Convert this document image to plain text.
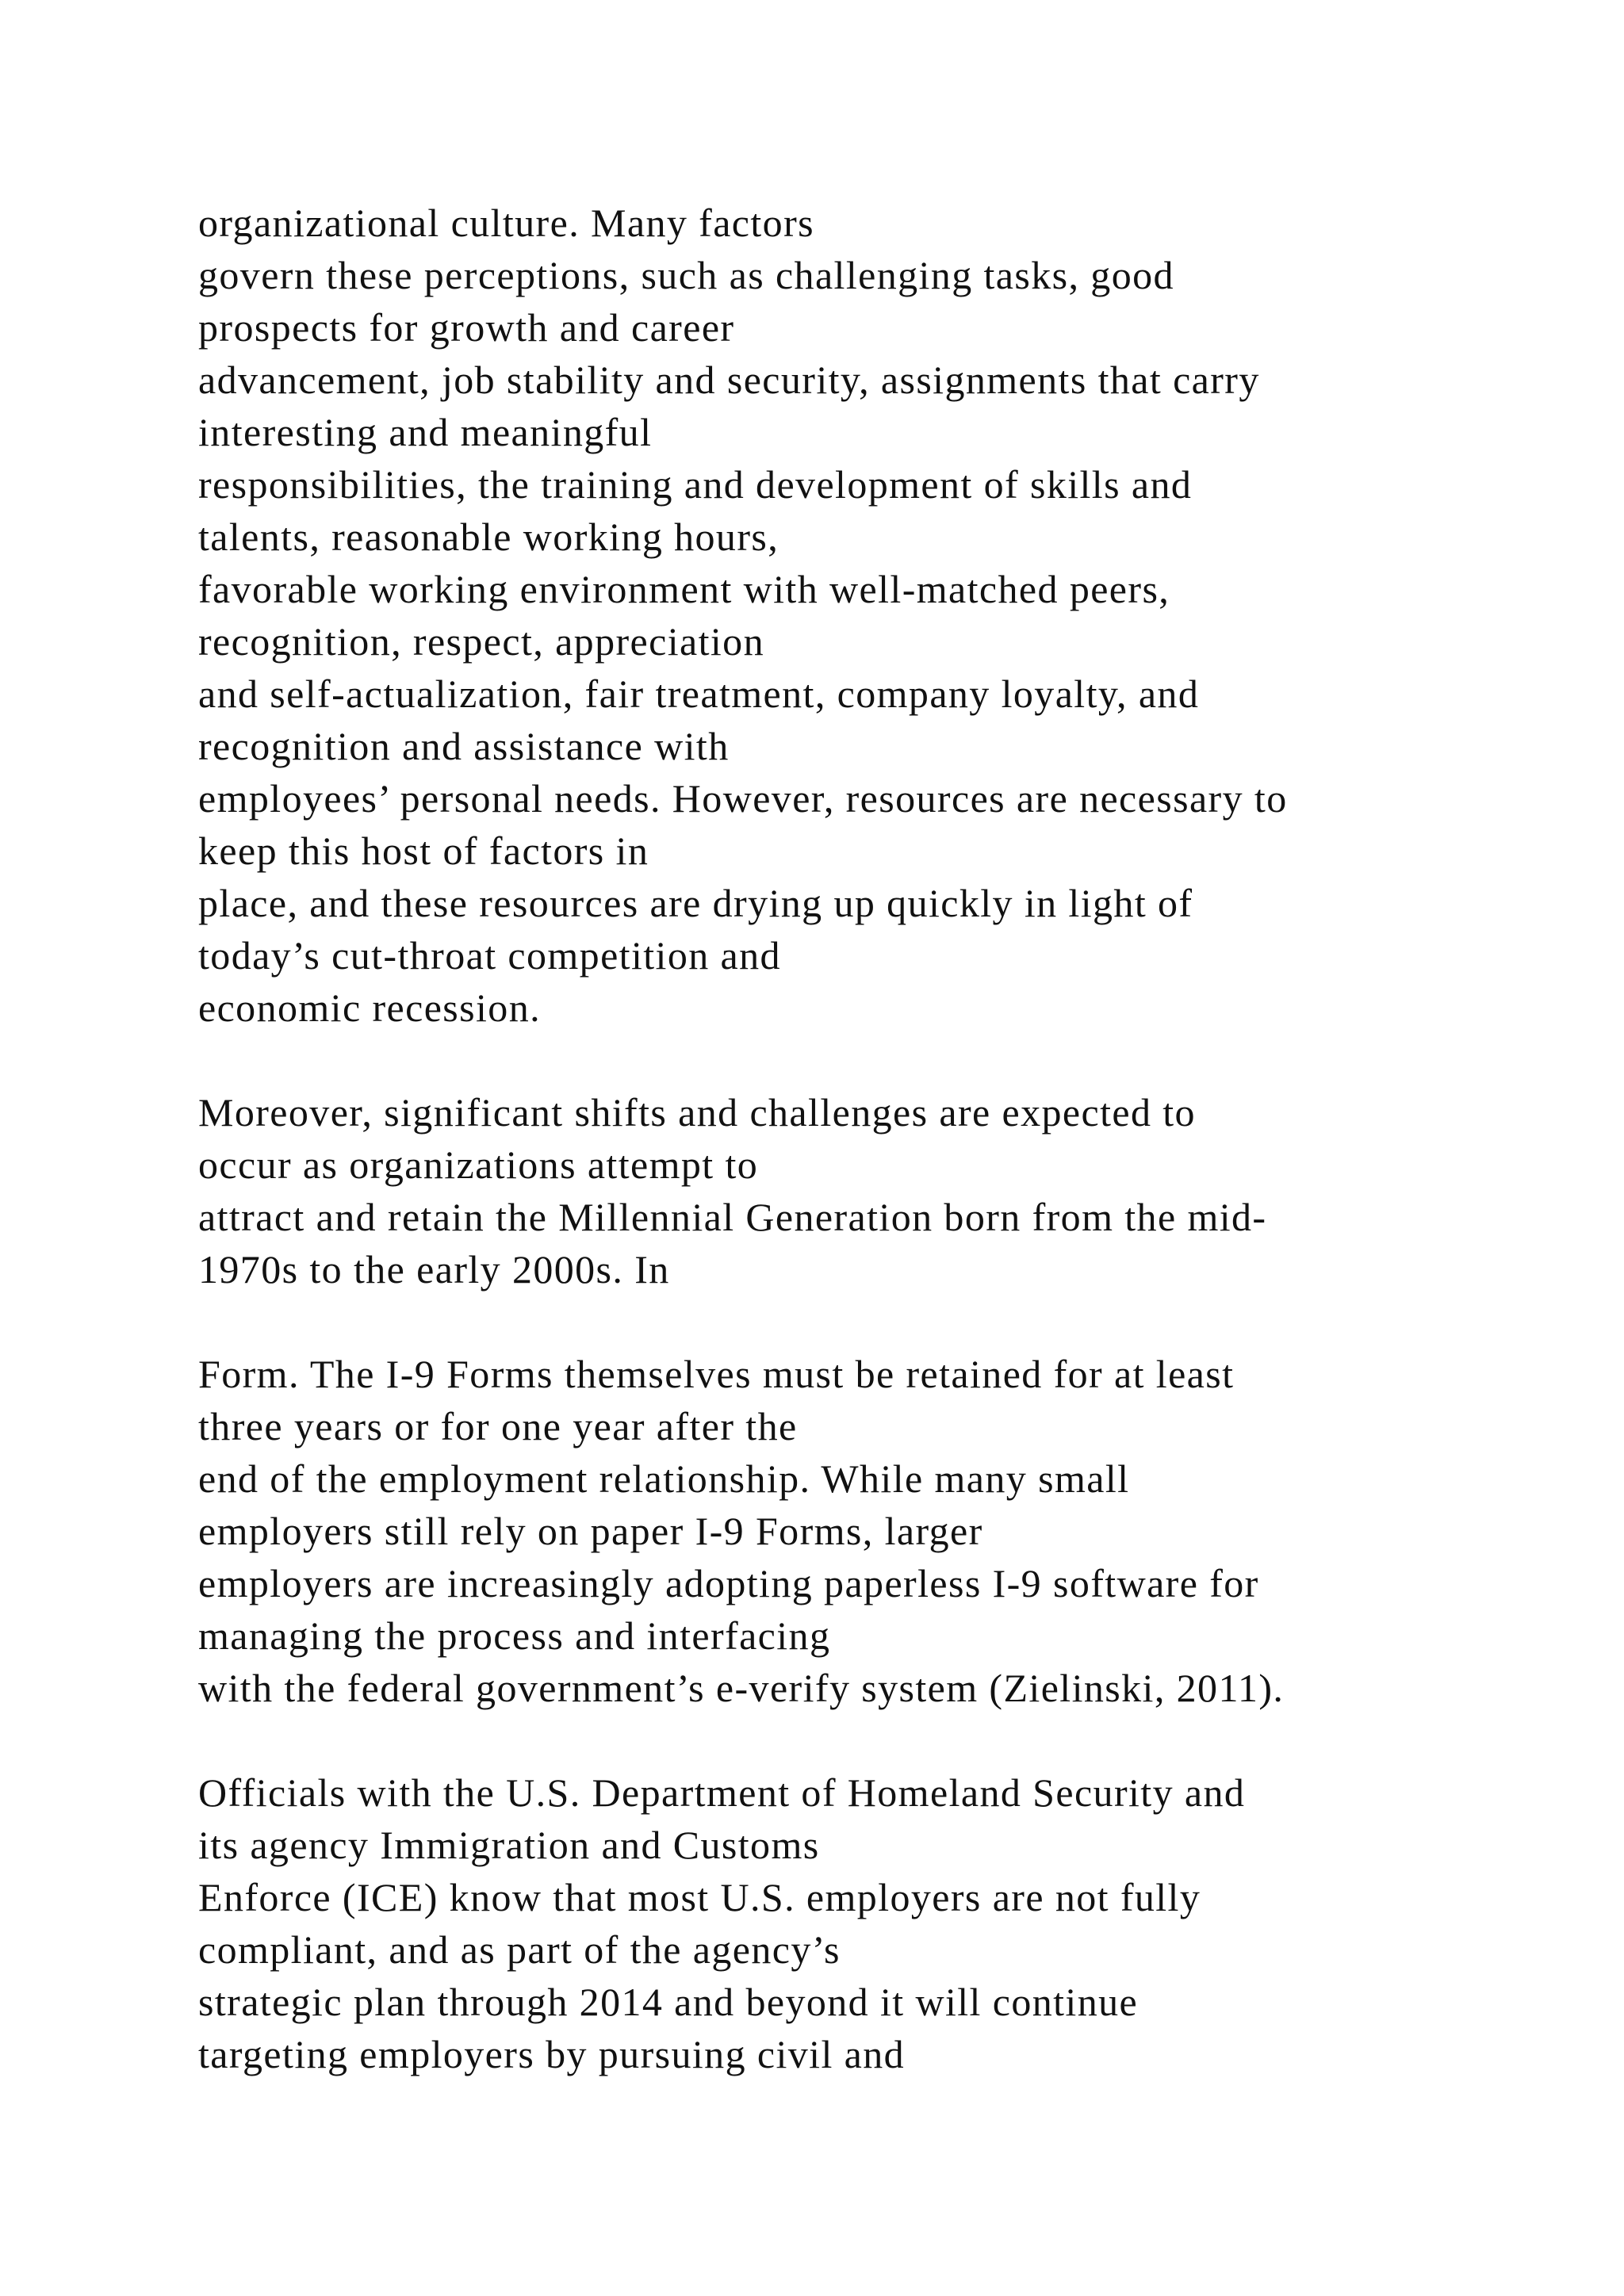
organizational culture. Many factors
govern these perceptions, such as challenging tasks, good
prospects for growth and career
advancement, job stability and security, assignments that carry
interesting and meaningful
responsibilities, the training and development of skills and
talents, reasonable working hours,
favorable working environment with well-matched peers,
recognition, respect, appreciation
and self-actualization, fair treatment, company loyalty, and
recognition and assistance with
employees’ personal needs. However, resources are necessary to
keep this host of factors in
place, and these resources are drying up quickly in light of
today’s cut-throat competition and
economic recession.
Moreover, significant shifts and challenges are expected to
occur as organizations attempt to
attract and retain the Millennial Generation born from the mid-
1970s to the early 2000s. In
Form. The I-9 Forms themselves must be retained for at least
three years or for one year after the
end of the employment relationship. While many small
employers still rely on paper I-9 Forms, larger
employers are increasingly adopting paperless I-9 software for
managing the process and interfacing
with the federal government’s e-verify system (Zielinski, 2011).
Officials with the U.S. Department of Homeland Security and
its agency Immigration and Customs
Enforce (ICE) know that most U.S. employers are not fully
compliant, and as part of the agency’s
strategic plan through 2014 and beyond it will continue
targeting employers by pursuing civil and
